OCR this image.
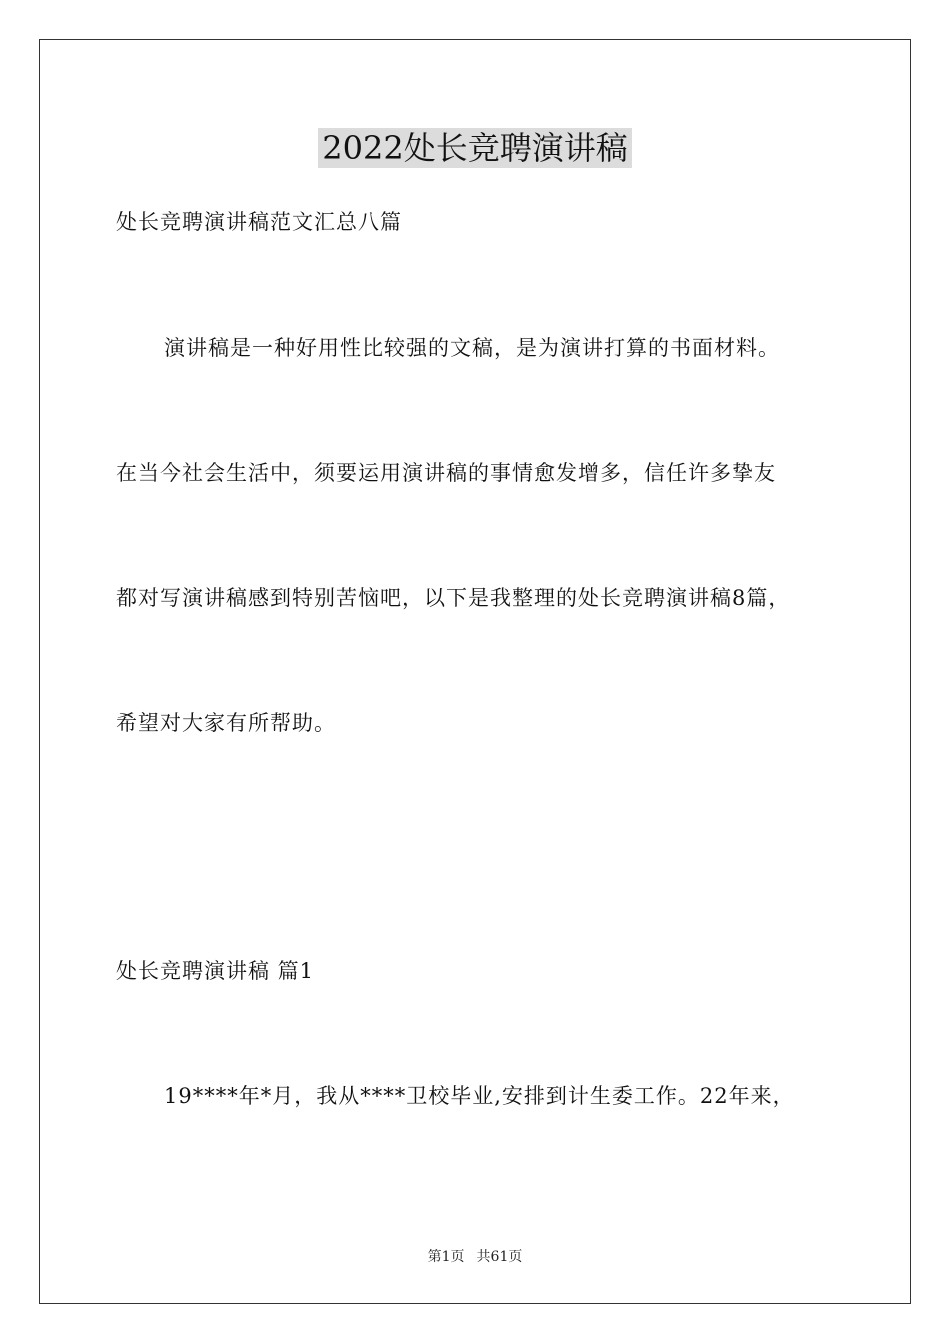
2022处长竞聘演讲稿
处长竞聘演讲稿范文汇总八篇
演讲稿是一种好用性比较强的文稿，是为演讲打算的书面材料。
在当今社会生活中，须要运用演讲稿的事情愈发增多，信任许多挚友
都对写演讲稿感到特别苦恼吧，以下是我整理的处长竞聘演讲稿8篇，
希望对大家有所帮助。
处长竞聘演讲稿 篇1
19****年*月，我从****卫校毕业,安排到计生委工作。22年来，
第1页 共61页
